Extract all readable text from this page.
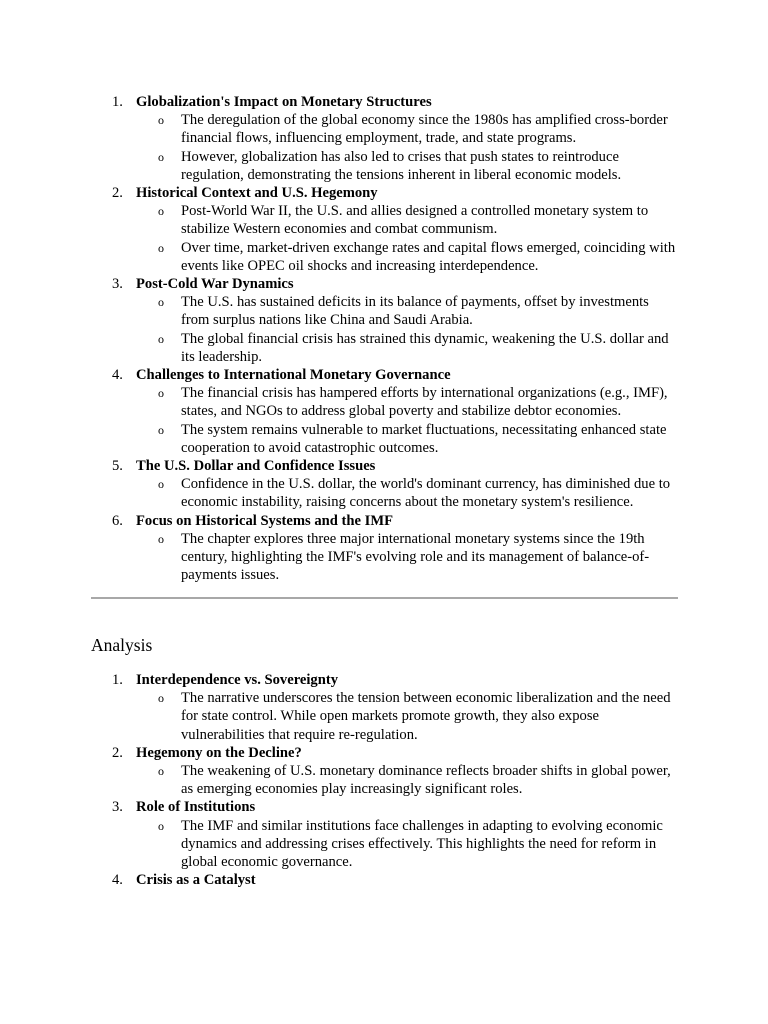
1. Globalization's Impact on Monetary Structures
o The deregulation of the global economy since the 1980s has amplified cross-border financial flows, influencing employment, trade, and state programs.
o However, globalization has also led to crises that push states to reintroduce regulation, demonstrating the tensions inherent in liberal economic models.
2. Historical Context and U.S. Hegemony
o Post-World War II, the U.S. and allies designed a controlled monetary system to stabilize Western economies and combat communism.
o Over time, market-driven exchange rates and capital flows emerged, coinciding with events like OPEC oil shocks and increasing interdependence.
3. Post-Cold War Dynamics
o The U.S. has sustained deficits in its balance of payments, offset by investments from surplus nations like China and Saudi Arabia.
o The global financial crisis has strained this dynamic, weakening the U.S. dollar and its leadership.
4. Challenges to International Monetary Governance
o The financial crisis has hampered efforts by international organizations (e.g., IMF), states, and NGOs to address global poverty and stabilize debtor economies.
o The system remains vulnerable to market fluctuations, necessitating enhanced state cooperation to avoid catastrophic outcomes.
5. The U.S. Dollar and Confidence Issues
o Confidence in the U.S. dollar, the world's dominant currency, has diminished due to economic instability, raising concerns about the monetary system's resilience.
6. Focus on Historical Systems and the IMF
o The chapter explores three major international monetary systems since the 19th century, highlighting the IMF's evolving role and its management of balance-of-payments issues.
Analysis
1. Interdependence vs. Sovereignty
o The narrative underscores the tension between economic liberalization and the need for state control. While open markets promote growth, they also expose vulnerabilities that require re-regulation.
2. Hegemony on the Decline?
o The weakening of U.S. monetary dominance reflects broader shifts in global power, as emerging economies play increasingly significant roles.
3. Role of Institutions
o The IMF and similar institutions face challenges in adapting to evolving economic dynamics and addressing crises effectively. This highlights the need for reform in global economic governance.
4. Crisis as a Catalyst
